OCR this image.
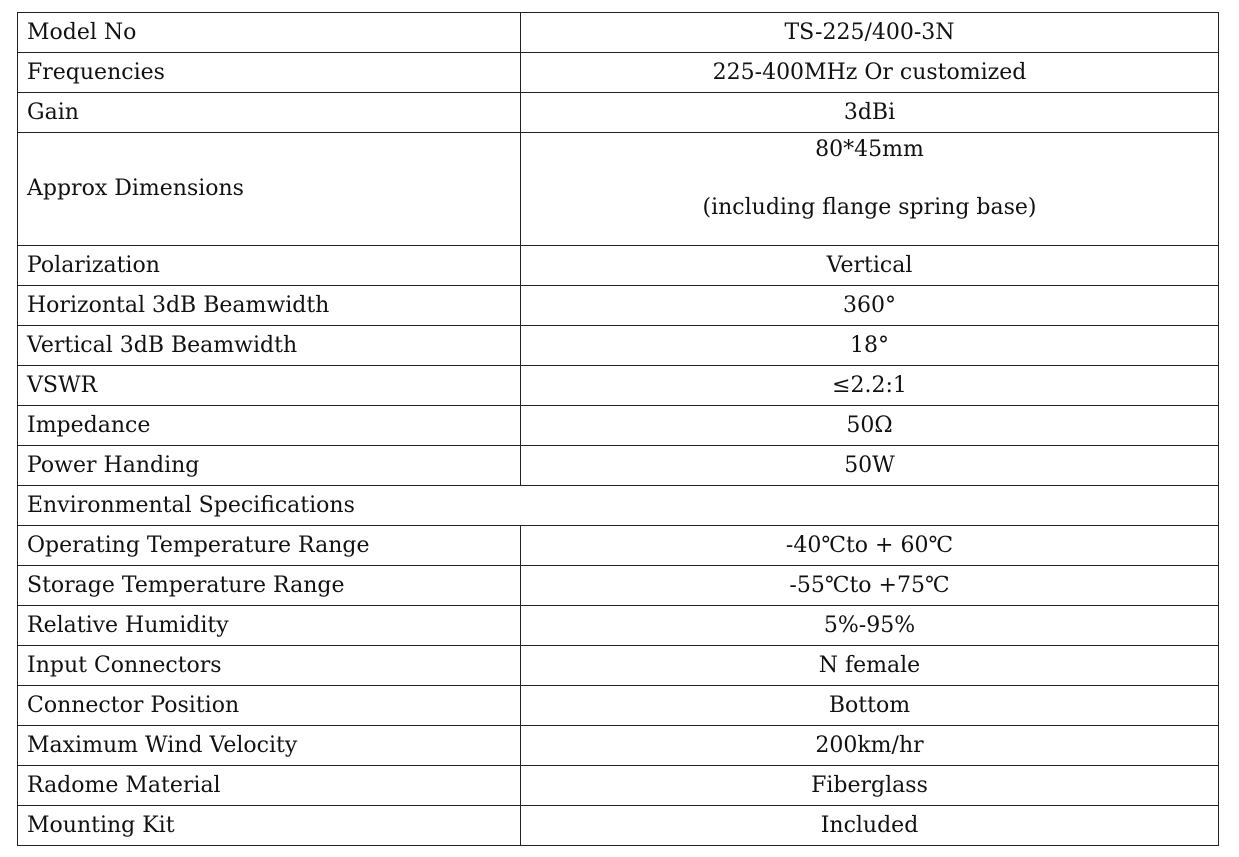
Model No	TS-225/400-3N
Frequencies	225-400MHz Or customized
Gain	3dBi
Approx Dimensions	80*45mm
(including flange spring base)

Polarization	Vertical
Horizontal 3dB Beamwidth	360°
Vertical 3dB Beamwidth	18°
VSWR	≤2.2:1
Impedance	50Ω
Power Handing	50W
Environmental Specifications	
Operating Temperature Range	-40℃to + 60℃
Storage Temperature Range	-55℃to +75℃
Relative Humidity	5%-95%
Input Connectors	N female
Connector Position	Bottom
Maximum Wind Velocity	200km/hr
Radome Material	Fiberglass
Mounting Kit	Included
